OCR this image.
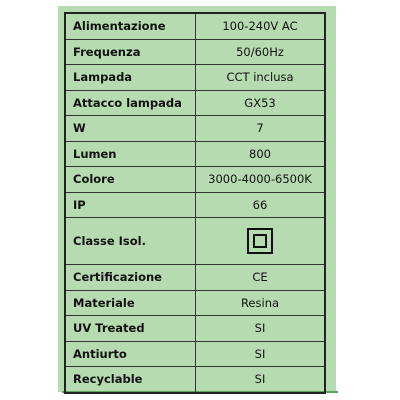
Alimentazione	100-240V AC
Frequenza	50/60Hz
Lampada	CCT inclusa
Attacco lampada	GX53
W	7
Lumen	800
Colore	3000-4000-6500K
IP	66
Classe Isol.	
Certificazione	CE
Materiale	Resina
UV Treated	SI
Antiurto	SI
Recyclable	SI
